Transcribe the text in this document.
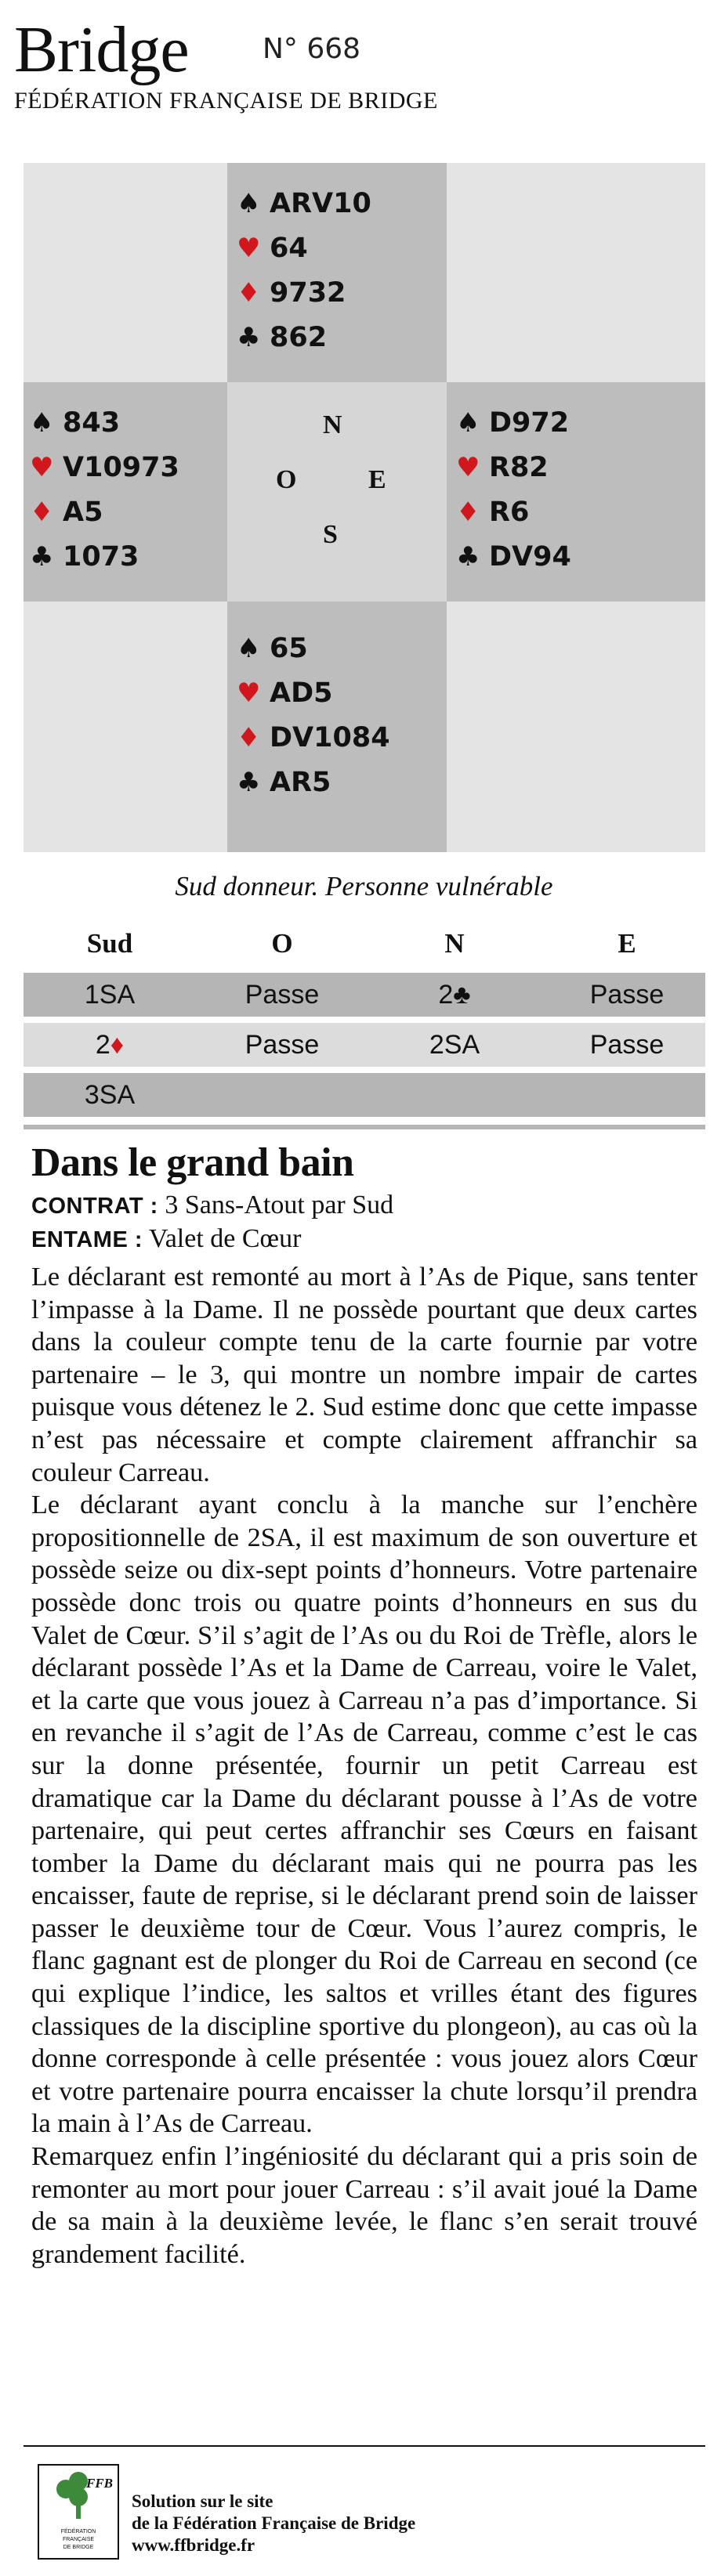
Bridge	N° 668
FÉDÉRATION FRANÇAISE DE BRIDGE
♠ ARV10
♥ 64
♦ 9732
♣ 862
♠ 843
♥ V10973
♦ A5
♣ 1073
♠ D972
♥ R82
♦ R6
♣ DV94
N
O	E
S
♠ 65
♥ AD5
♦ DV1084
♣ AR5
Sud donneur. Personne vulnérable
Sud	O	N	E
1SA	Passe	2♣	Passe
2♦	Passe	2SA	Passe
3SA
Dans le grand bain
CONTRAT : 3 Sans-Atout par Sud
ENTAME : Valet de Cœur

Le déclarant est remonté au mort à l’As de Pique, sans tenter l’impasse à la Dame. Il ne possède pourtant que deux cartes dans la couleur compte tenu de la carte fournie par votre partenaire – le 3, qui montre un nombre impair de cartes puisque vous détenez le 2. Sud estime donc que cette impasse n’est pas nécessaire et compte clairement affranchir sa couleur Carreau.

Le déclarant ayant conclu à la manche sur l’enchère propositionnelle de 2SA, il est maximum de son ouverture et possède seize ou dix-sept points d’honneurs. Votre partenaire possède donc trois ou quatre points d’honneurs en sus du Valet de Cœur. S’il s’agit de l’As ou du Roi de Trèfle, alors le déclarant possède l’As et la Dame de Carreau, voire le Valet, et la carte que vous jouez à Carreau n’a pas d’importance. Si en revanche il s’agit de l’As de Carreau, comme c’est le cas sur la donne présentée, fournir un petit Carreau est dramatique car la Dame du déclarant pousse à l’As de votre partenaire, qui peut certes affranchir ses Cœurs en faisant tomber la Dame du déclarant mais qui ne pourra pas les encaisser, faute de reprise, si le déclarant prend soin de laisser passer le deuxième tour de Cœur. Vous l’aurez compris, le flanc gagnant est de plonger du Roi de Carreau en second (ce qui explique l’indice, les saltos et vrilles étant des figures classiques de la discipline sportive du plongeon), au cas où la donne corresponde à celle présentée : vous jouez alors Cœur et votre partenaire pourra encaisser la chute lorsqu’il prendra la main à l’As de Carreau.

Remarquez enfin l’ingéniosité du déclarant qui a pris soin de remonter au mort pour jouer Carreau : s’il avait joué la Dame de sa main à la deuxième levée, le flanc s’en serait trouvé grandement facilité.

FFB
FÉDÉRATION
FRANÇAISE
DE BRIDGE
Solution sur le site
de la Fédération Française de Bridge
www.ffbridge.fr
